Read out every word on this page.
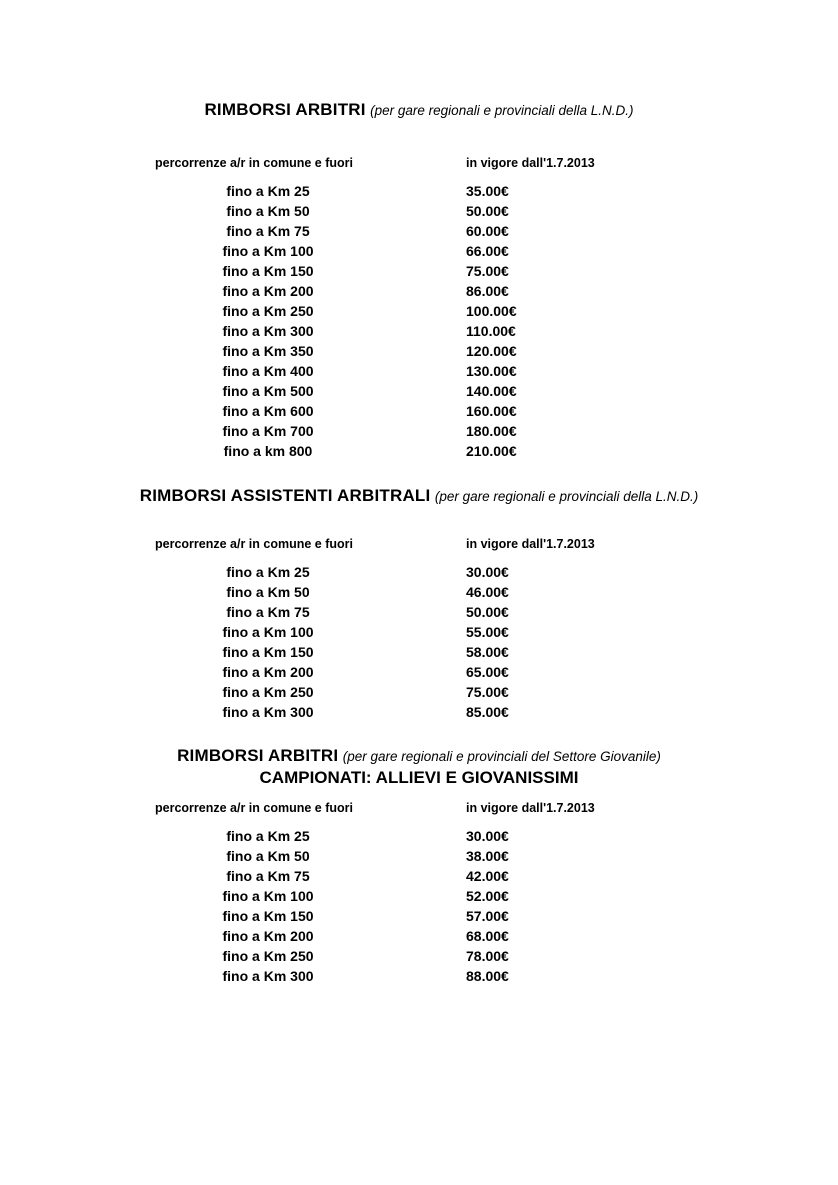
RIMBORSI ARBITRI (per gare regionali e provinciali della L.N.D.)
percorrenze a/r in comune e fuori	in vigore dall'1.7.2013
fino a Km 25	35.00€
fino a Km 50	50.00€
fino a Km 75	60.00€
fino a Km 100	66.00€
fino a Km 150	75.00€
fino a Km 200	86.00€
fino a Km 250	100.00€
fino a Km 300	110.00€
fino a Km 350	120.00€
fino a Km 400	130.00€
fino a Km 500	140.00€
fino a Km 600	160.00€
fino a Km 700	180.00€
fino a km 800	210.00€
RIMBORSI ASSISTENTI ARBITRALI (per gare regionali e provinciali della L.N.D.)
percorrenze a/r in comune e fuori	in vigore dall'1.7.2013
fino a Km 25	30.00€
fino a Km 50	46.00€
fino a Km 75	50.00€
fino a Km 100	55.00€
fino a Km 150	58.00€
fino a Km 200	65.00€
fino a Km 250	75.00€
fino a Km 300	85.00€
RIMBORSI ARBITRI (per gare regionali e provinciali del Settore Giovanile)
CAMPIONATI: ALLIEVI E GIOVANISSIMI
percorrenze a/r in comune e fuori	in vigore dall'1.7.2013
fino a Km 25	30.00€
fino a Km 50	38.00€
fino a Km 75	42.00€
fino a Km 100	52.00€
fino a Km 150	57.00€
fino a Km 200	68.00€
fino a Km 250	78.00€
fino a Km 300	88.00€
